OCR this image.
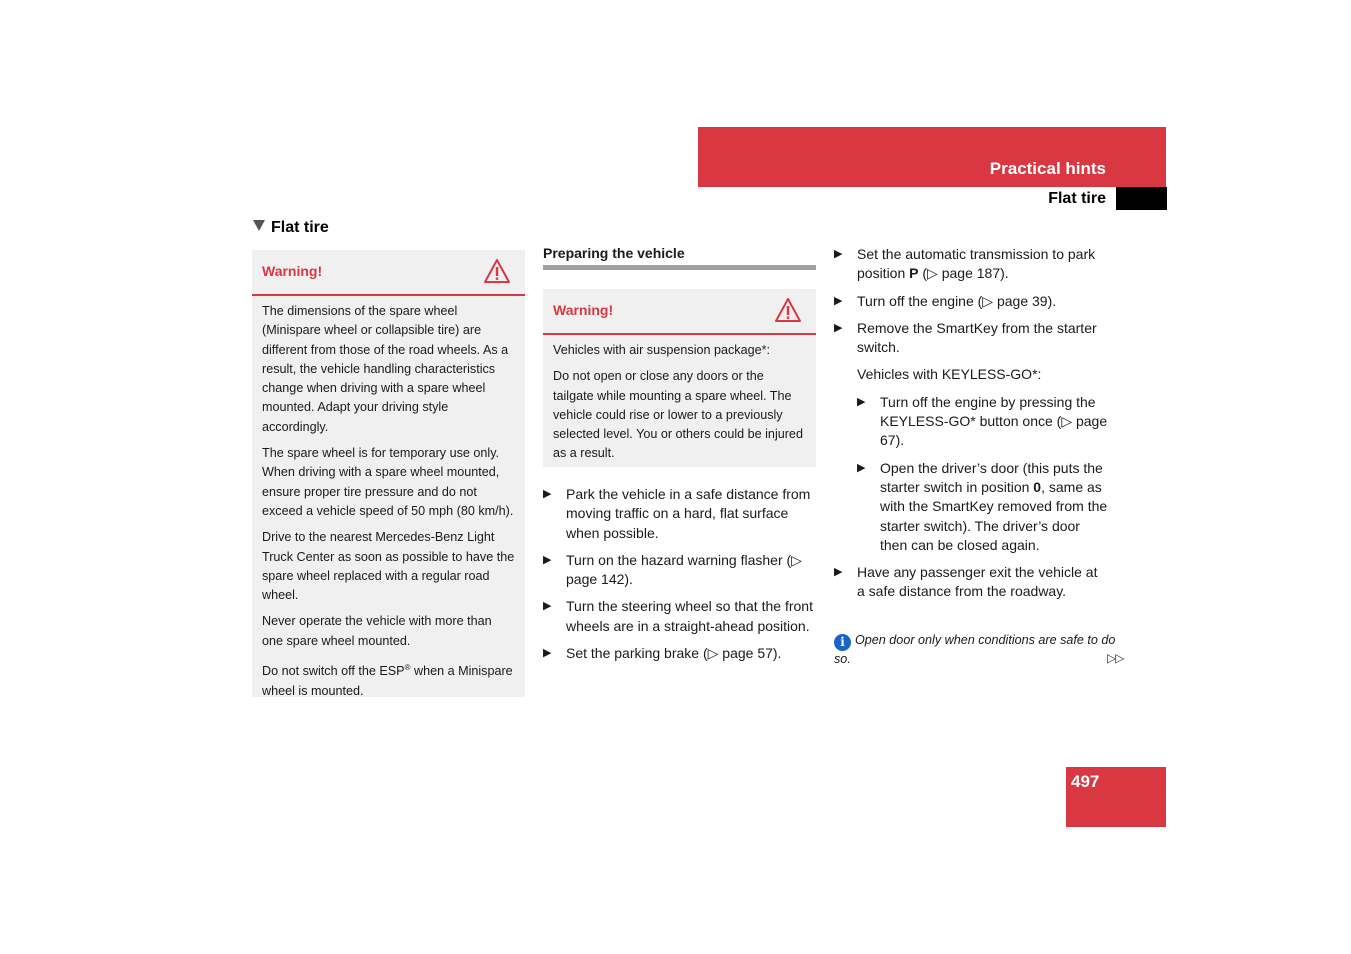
Practical hints
Flat tire
Flat tire
Warning!

The dimensions of the spare wheel (Minispare wheel or collapsible tire) are different from those of the road wheels. As a result, the vehicle handling characteristics change when driving with a spare wheel mounted. Adapt your driving style accordingly.

The spare wheel is for temporary use only. When driving with a spare wheel mounted, ensure proper tire pressure and do not exceed a vehicle speed of 50 mph (80 km/h).

Drive to the nearest Mercedes-Benz Light Truck Center as soon as possible to have the spare wheel replaced with a regular road wheel.

Never operate the vehicle with more than one spare wheel mounted.

Do not switch off the ESP® when a Minispare wheel is mounted.

Preparing the vehicle
Warning!

Vehicles with air suspension package*:

Do not open or close any doors or the tailgate while mounting a spare wheel. The vehicle could rise or lower to a previously selected level. You or others could be injured as a result.

▶ Park the vehicle in a safe distance from moving traffic on a hard, flat surface when possible.
▶ Turn on the hazard warning flasher (▷ page 142).
▶ Turn the steering wheel so that the front wheels are in a straight-ahead position.
▶ Set the parking brake (▷ page 57).
▶ Set the automatic transmission to park position P (▷ page 187).
▶ Turn off the engine (▷ page 39).
▶ Remove the SmartKey from the starter switch.
Vehicles with KEYLESS-GO*:
▶ Turn off the engine by pressing the KEYLESS-GO* button once (▷ page 67).
▶ Open the driver’s door (this puts the starter switch in position 0, same as with the SmartKey removed from the starter switch). The driver’s door then can be closed again.
▶ Have any passenger exit the vehicle at a safe distance from the roadway.
i Open door only when conditions are safe to do so.	▷▷
497
